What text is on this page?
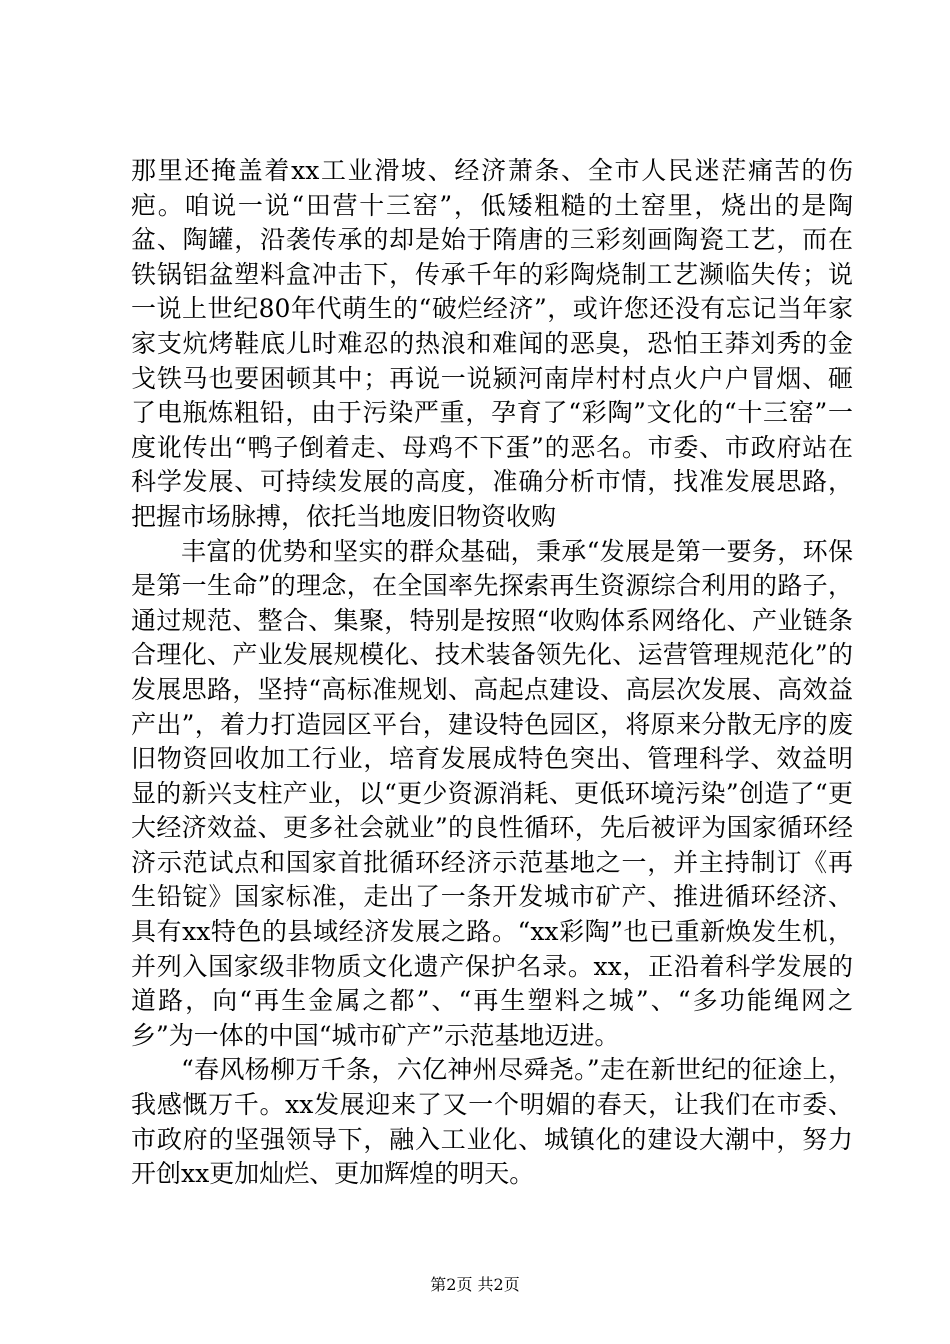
那里还掩盖着xx工业滑坡、经济萧条、全市人民迷茫痛苦的伤疤。咱说一说“田营十三窑”，低矮粗糙的土窑里，烧出的是陶盆、陶罐，沿袭传承的却是始于隋唐的三彩刻画陶瓷工艺，而在铁锅铝盆塑料盒冲击下，传承千年的彩陶烧制工艺濒临失传；说一说上世纪80年代萌生的“破烂经济”，或许您还没有忘记当年家家支炕烤鞋底儿时难忍的热浪和难闻的恶臭，恐怕王莽刘秀的金戈铁马也要困顿其中；再说一说颍河南岸村村点火户户冒烟、砸了电瓶炼粗铅，由于污染严重，孕育了“彩陶”文化的“十三窑”一度讹传出“鸭子倒着走、母鸡不下蛋”的恶名。市委、市政府站在科学发展、可持续发展的高度，准确分析市情，找准发展思路，把握市场脉搏，依托当地废旧物资收购

丰富的优势和坚实的群众基础，秉承“发展是第一要务，环保是第一生命”的理念，在全国率先探索再生资源综合利用的路子，通过规范、整合、集聚，特别是按照“收购体系网络化、产业链条合理化、产业发展规模化、技术装备领先化、运营管理规范化”的发展思路，坚持“高标准规划、高起点建设、高层次发展、高效益产出”，着力打造园区平台，建设特色园区，将原来分散无序的废旧物资回收加工行业，培育发展成特色突出、管理科学、效益明显的新兴支柱产业，以“更少资源消耗、更低环境污染”创造了“更大经济效益、更多社会就业”的良性循环，先后被评为国家循环经济示范试点和国家首批循环经济示范基地之一，并主持制订《再生铅锭》国家标准，走出了一条开发城市矿产、推进循环经济、具有xx特色的县域经济发展之路。“xx彩陶”也已重新焕发生机，并列入国家级非物质文化遗产保护名录。xx，正沿着科学发展的道路，向“再生金属之都”、“再生塑料之城”、“多功能绳网之乡”为一体的中国“城市矿产”示范基地迈进。

“春风杨柳万千条，六亿神州尽舜尧。”走在新世纪的征途上，我感慨万千。xx发展迎来了又一个明媚的春天，让我们在市委、市政府的坚强领导下，融入工业化、城镇化的建设大潮中，努力开创xx更加灿烂、更加辉煌的明天。

第2页 共2页
